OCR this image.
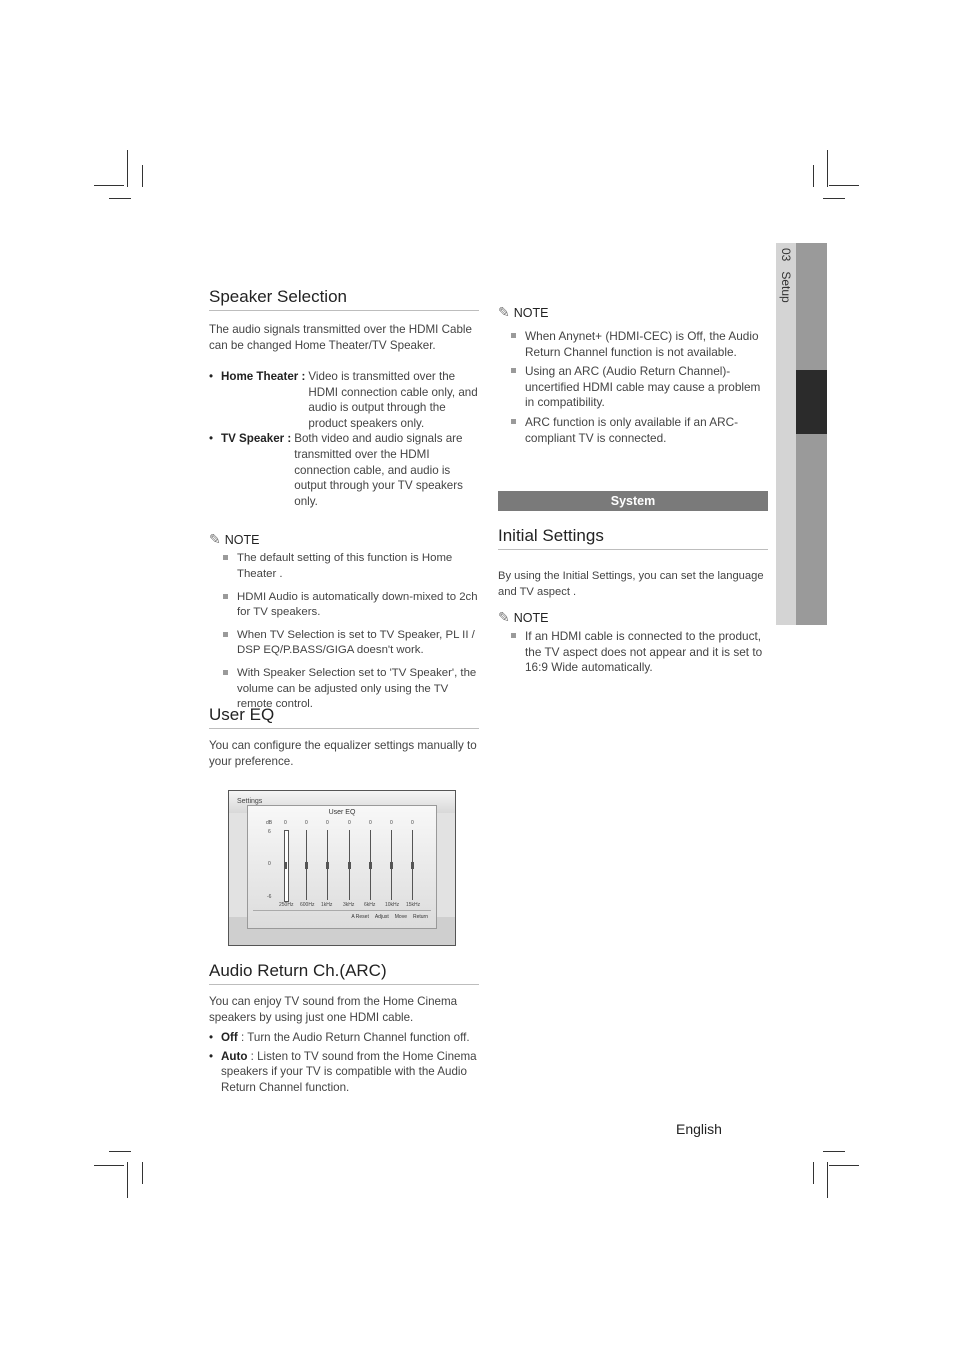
03   Setup
Speaker Selection

The audio signals transmitted over the HDMI Cable can be changed Home Theater/TV Speaker.

• Home Theater : Video is transmitted over the HDMI connection cable only, and audio is output through the product speakers only.
• TV Speaker : Both video and audio signals are transmitted over the HDMI connection cable, and audio is output through your TV speakers only.
✎ NOTE
The default setting of this function is Home Theater .
HDMI Audio is automatically down-mixed to 2ch for TV speakers.
When TV Selection is set to TV Speaker, PL II / DSP EQ/P.BASS/GIGA doesn't work.
With Speaker Selection set to 'TV Speaker', the volume can be adjusted only using the TV remote control.
User EQ

You can configure the equalizer settings manually to your preference.

Settings
User EQ
dB
6
0
-6
0
250Hz
0
600Hz
0
1kHz
0
3kHz
0
6kHz
0
10kHz
0
15kHz
A Reset Adjust Move Return
Audio Return Ch.(ARC)

You can enjoy TV sound from the Home Cinema speakers by using just one HDMI cable.

• Off : Turn the Audio Return Channel function off.
• Auto : Listen to TV sound from the Home Cinema speakers if your TV is compatible with the Audio Return Channel function.
✎ NOTE
When Anynet+ (HDMI-CEC) is Off, the Audio Return Channel function is not available.
Using an ARC (Audio Return Channel)-uncertified HDMI cable may cause a problem in compatibility.
ARC function is only available if an ARC-compliant TV is connected.
System
Initial Settings

By using the Initial Settings, you can set the language and TV aspect .

✎ NOTE
If an HDMI cable is connected to the product, the TV aspect does not appear and it is set to 16:9 Wide automatically.
English
